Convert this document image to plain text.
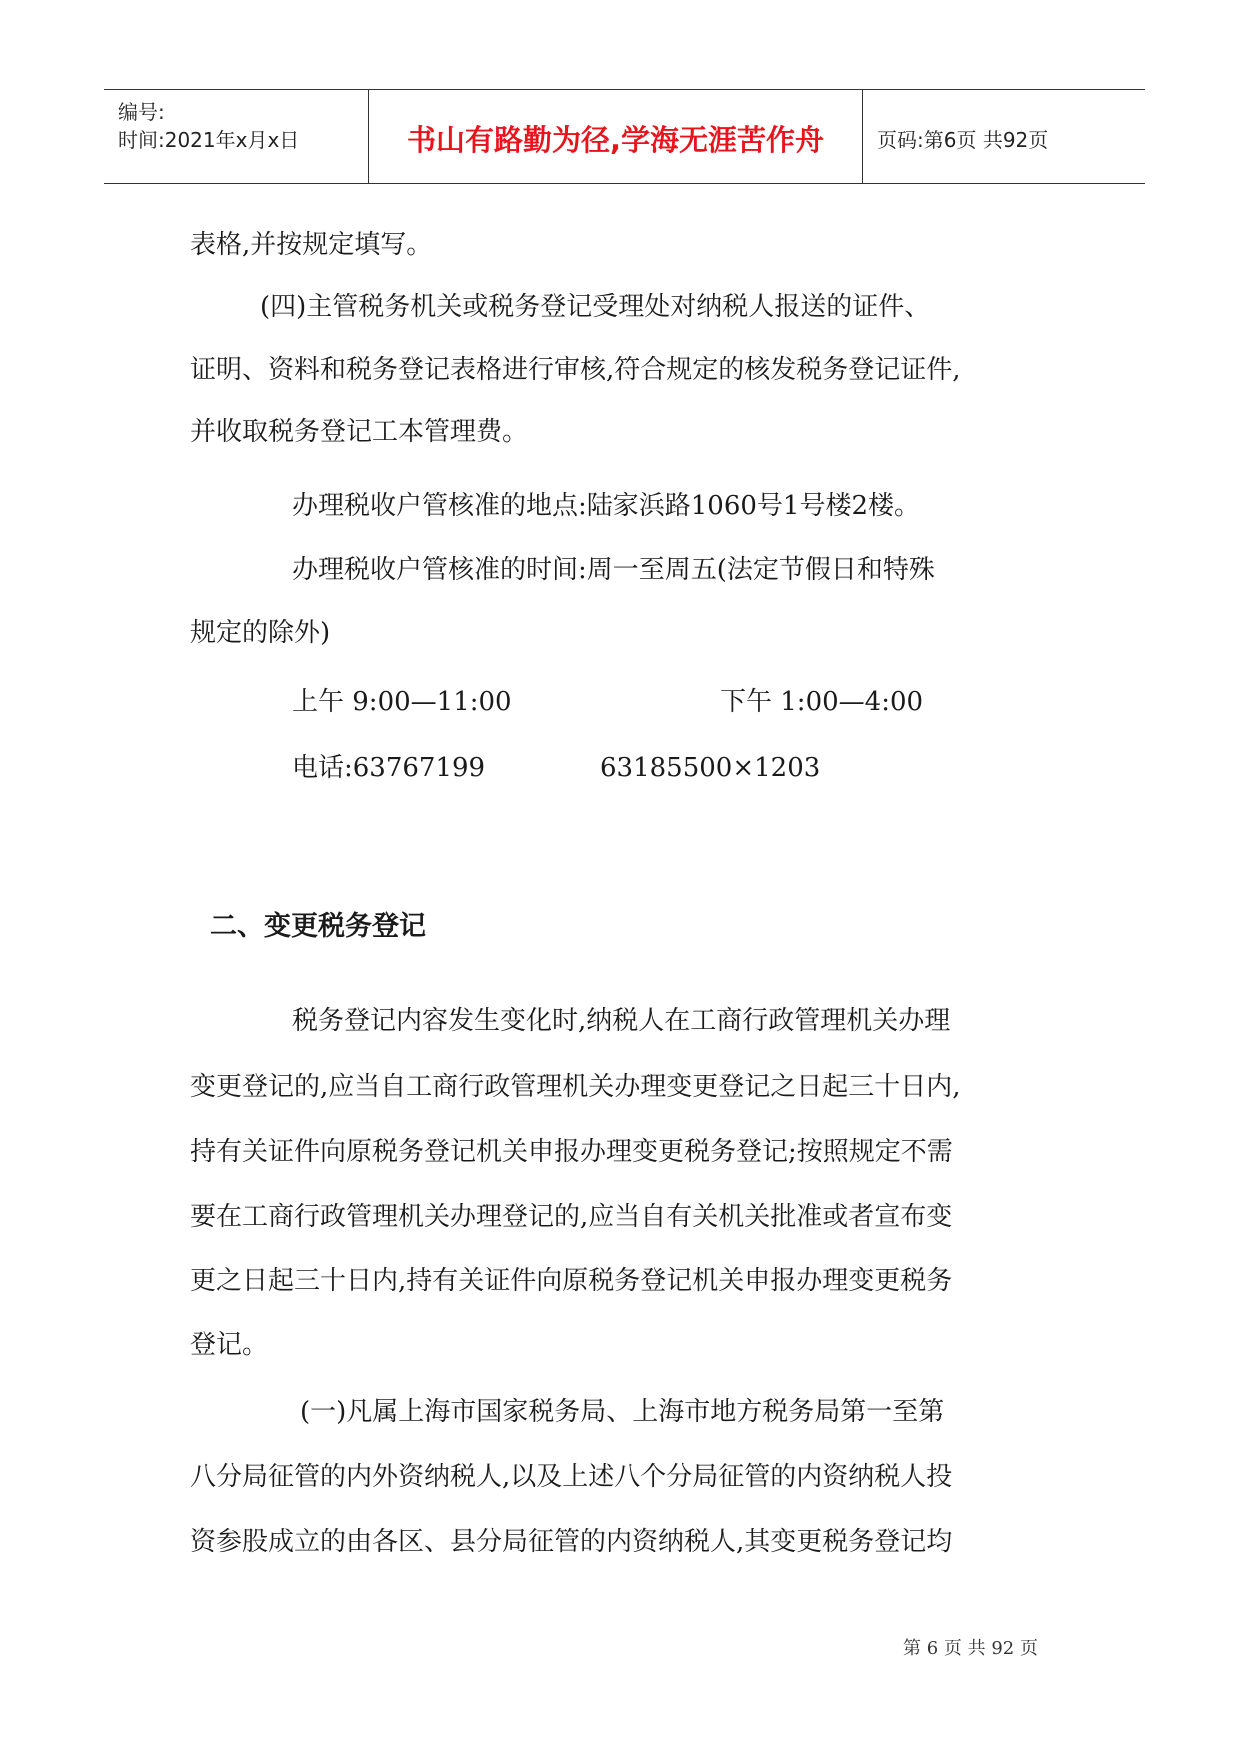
编号:
时间:2021年x月x日	书山有路勤为径,学海无涯苦作舟	页码:第6页 共92页
表格,并按规定填写。
(四)主管税务机关或税务登记受理处对纳税人报送的证件、
证明、资料和税务登记表格进行审核,符合规定的核发税务登记证件,
并收取税务登记工本管理费。
办理税收户管核准的地点:陆家浜路1060号1号楼2楼。
办理税收户管核准的时间:周一至周五(法定节假日和特殊
规定的除外)
上午 9:00—11:00	下午 1:00—4:00
电话:63767199	63185500×1203
二、变更税务登记
税务登记内容发生变化时,纳税人在工商行政管理机关办理
变更登记的,应当自工商行政管理机关办理变更登记之日起三十日内,
持有关证件向原税务登记机关申报办理变更税务登记;按照规定不需
要在工商行政管理机关办理登记的,应当自有关机关批准或者宣布变
更之日起三十日内,持有关证件向原税务登记机关申报办理变更税务
登记。
(一)凡属上海市国家税务局、上海市地方税务局第一至第
八分局征管的内外资纳税人,以及上述八个分局征管的内资纳税人投
资参股成立的由各区、县分局征管的内资纳税人,其变更税务登记均
第 6 页 共 92 页
